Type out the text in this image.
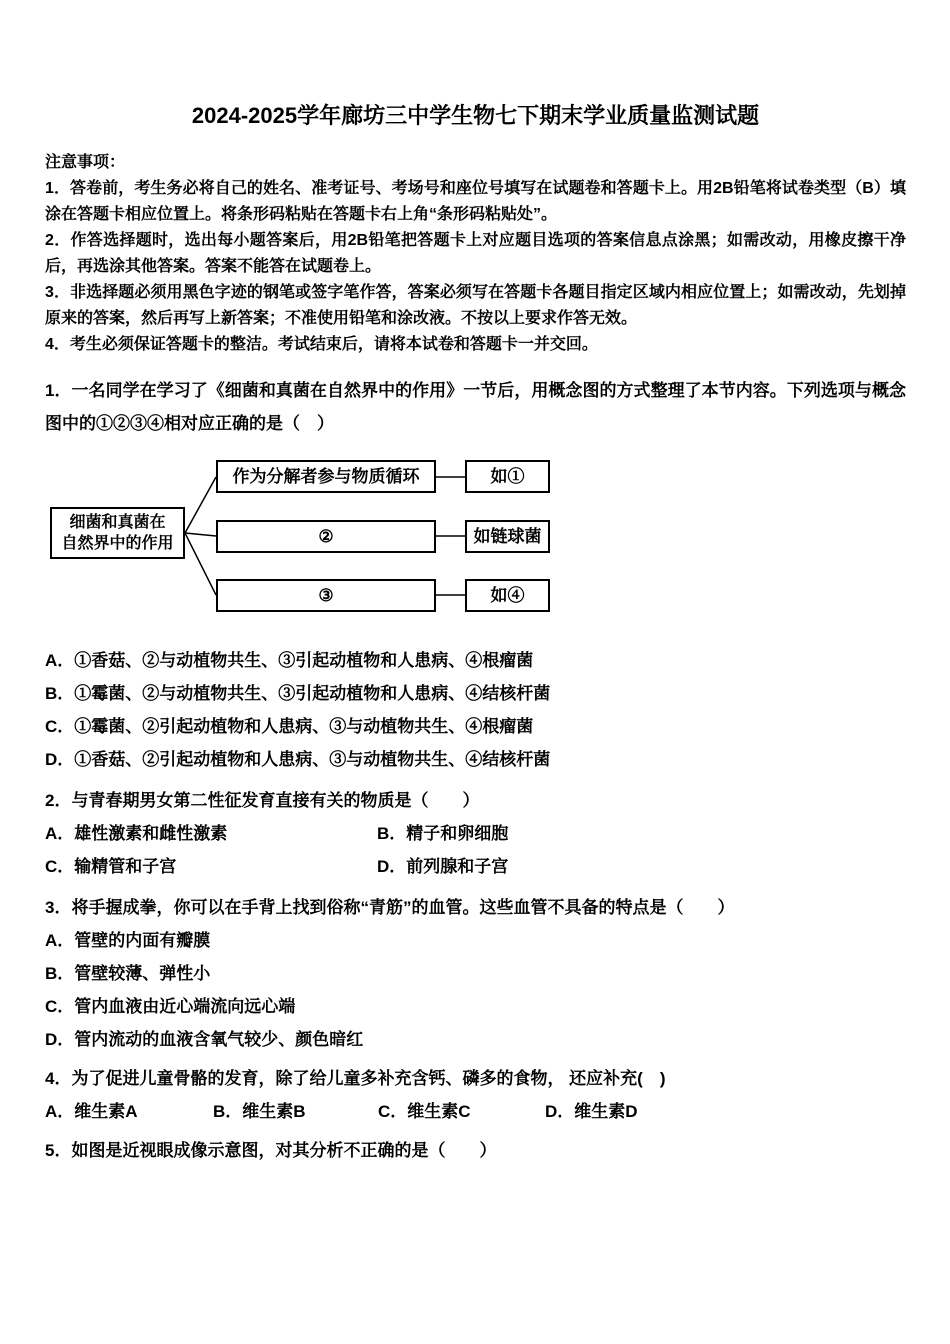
2024-2025学年廊坊三中学生物七下期末学业质量监测试题

注意事项：

1．答卷前，考生务必将自己的姓名、准考证号、考场号和座位号填写在试题卷和答题卡上。用2B铅笔将试卷类型（B）填涂在答题卡相应位置上。将条形码粘贴在答题卡右上角“条形码粘贴处”。

2．作答选择题时，选出每小题答案后，用2B铅笔把答题卡上对应题目选项的答案信息点涂黑；如需改动，用橡皮擦干净后，再选涂其他答案。答案不能答在试题卷上。

3．非选择题必须用黑色字迹的钢笔或签字笔作答，答案必须写在答题卡各题目指定区域内相应位置上；如需改动，先划掉原来的答案，然后再写上新答案；不准使用铅笔和涂改液。不按以上要求作答无效。

4．考生必须保证答题卡的整洁。考试结束后，请将本试卷和答题卡一并交回。

1．一名同学在学习了《细菌和真菌在自然界中的作用》一节后，用概念图的方式整理了本节内容。下列选项与概念图中的①②③④相对应正确的是（　）

细菌和真菌在
自然界中的作用
作为分解者参与物质循环	如①
②	如链球菌
③	如④

A．①香菇、②与动植物共生、③引起动植物和人患病、④根瘤菌

B．①霉菌、②与动植物共生、③引起动植物和人患病、④结核杆菌

C．①霉菌、②引起动植物和人患病、③与动植物共生、④根瘤菌

D．①香菇、②引起动植物和人患病、③与动植物共生、④结核杆菌

2．与青春期男女第二性征发育直接有关的物质是（　　）

A．雄性激素和雌性激素	B．精子和卵细胞
C．输精管和子宫	D．前列腺和子宫

3．将手握成拳，你可以在手背上找到俗称“青筋”的血管。这些血管不具备的特点是（　　）

A．管壁的内面有瓣膜

B．管壁较薄、弹性小

C．管内血液由近心端流向远心端

D．管内流动的血液含氧气较少、颜色暗红

4．为了促进儿童骨骼的发育，除了给儿童多补充含钙、磷多的食物， 还应补充(　)

A．维生素A	B．维生素B	C．维生素C	D．维生素D

5．如图是近视眼成像示意图，对其分析不正确的是（　　）
